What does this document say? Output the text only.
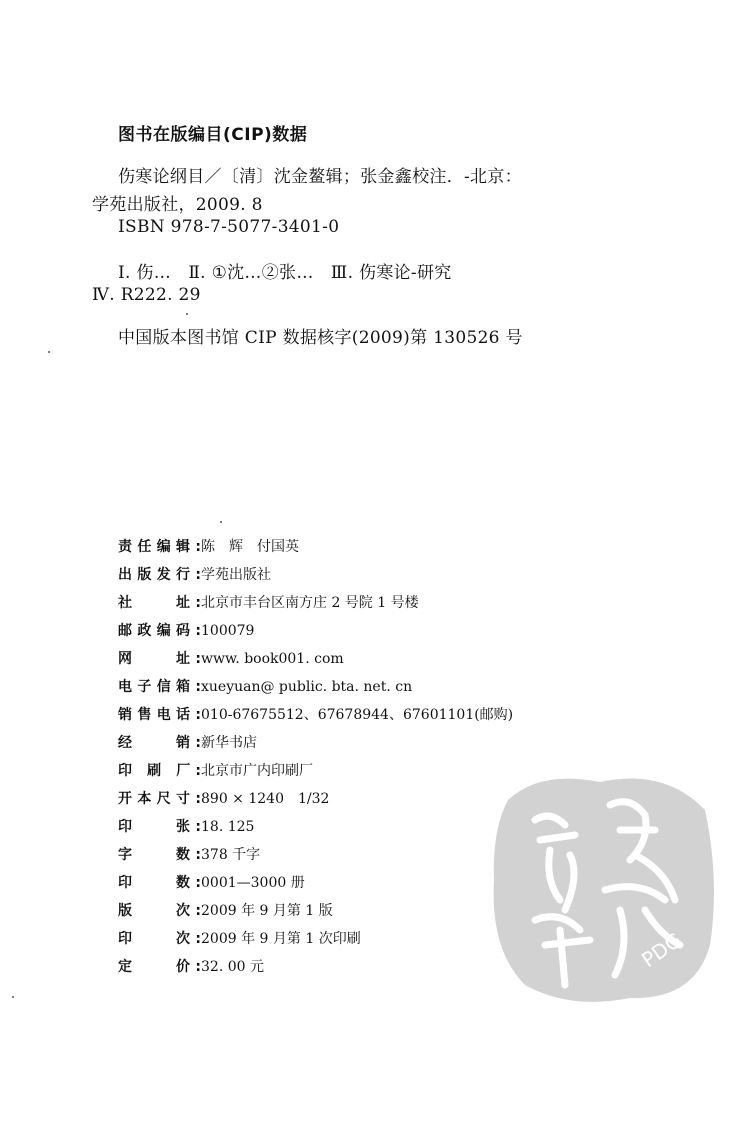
图书在版编目(CIP)数据

伤寒论纲目／〔清〕沈金鳌辑；张金鑫校注．-北京：

学苑出版社，2009. 8

ISBN 978-7-5077-3401-0

Ⅰ. 伤…　Ⅱ. ①沈…②张…　Ⅲ. 伤寒论-研究

Ⅳ. R222. 29

中国版本图书馆 CIP 数据核字(2009)第 130526 号

责任编辑: 陈　辉　付国英
出版发行: 学苑出版社
社　　址: 北京市丰台区南方庄 2 号院 1 号楼
邮政编码: 100079
网　　址: www. book001. com
电子信箱: xueyuan@ public. bta. net. cn
销售电话: 010-67675512、67678944、67601101(邮购)
经　　销: 新华书店
印 刷 厂: 北京市广内印刷厂
开本尺寸: 890 × 1240　1/32
印　　张: 18. 125
字　　数: 378 千字
印　　数: 0001—3000 册
版　　次: 2009 年 9 月第 1 版
印　　次: 2009 年 9 月第 1 次印刷
定　　价: 32. 00 元	PDG
